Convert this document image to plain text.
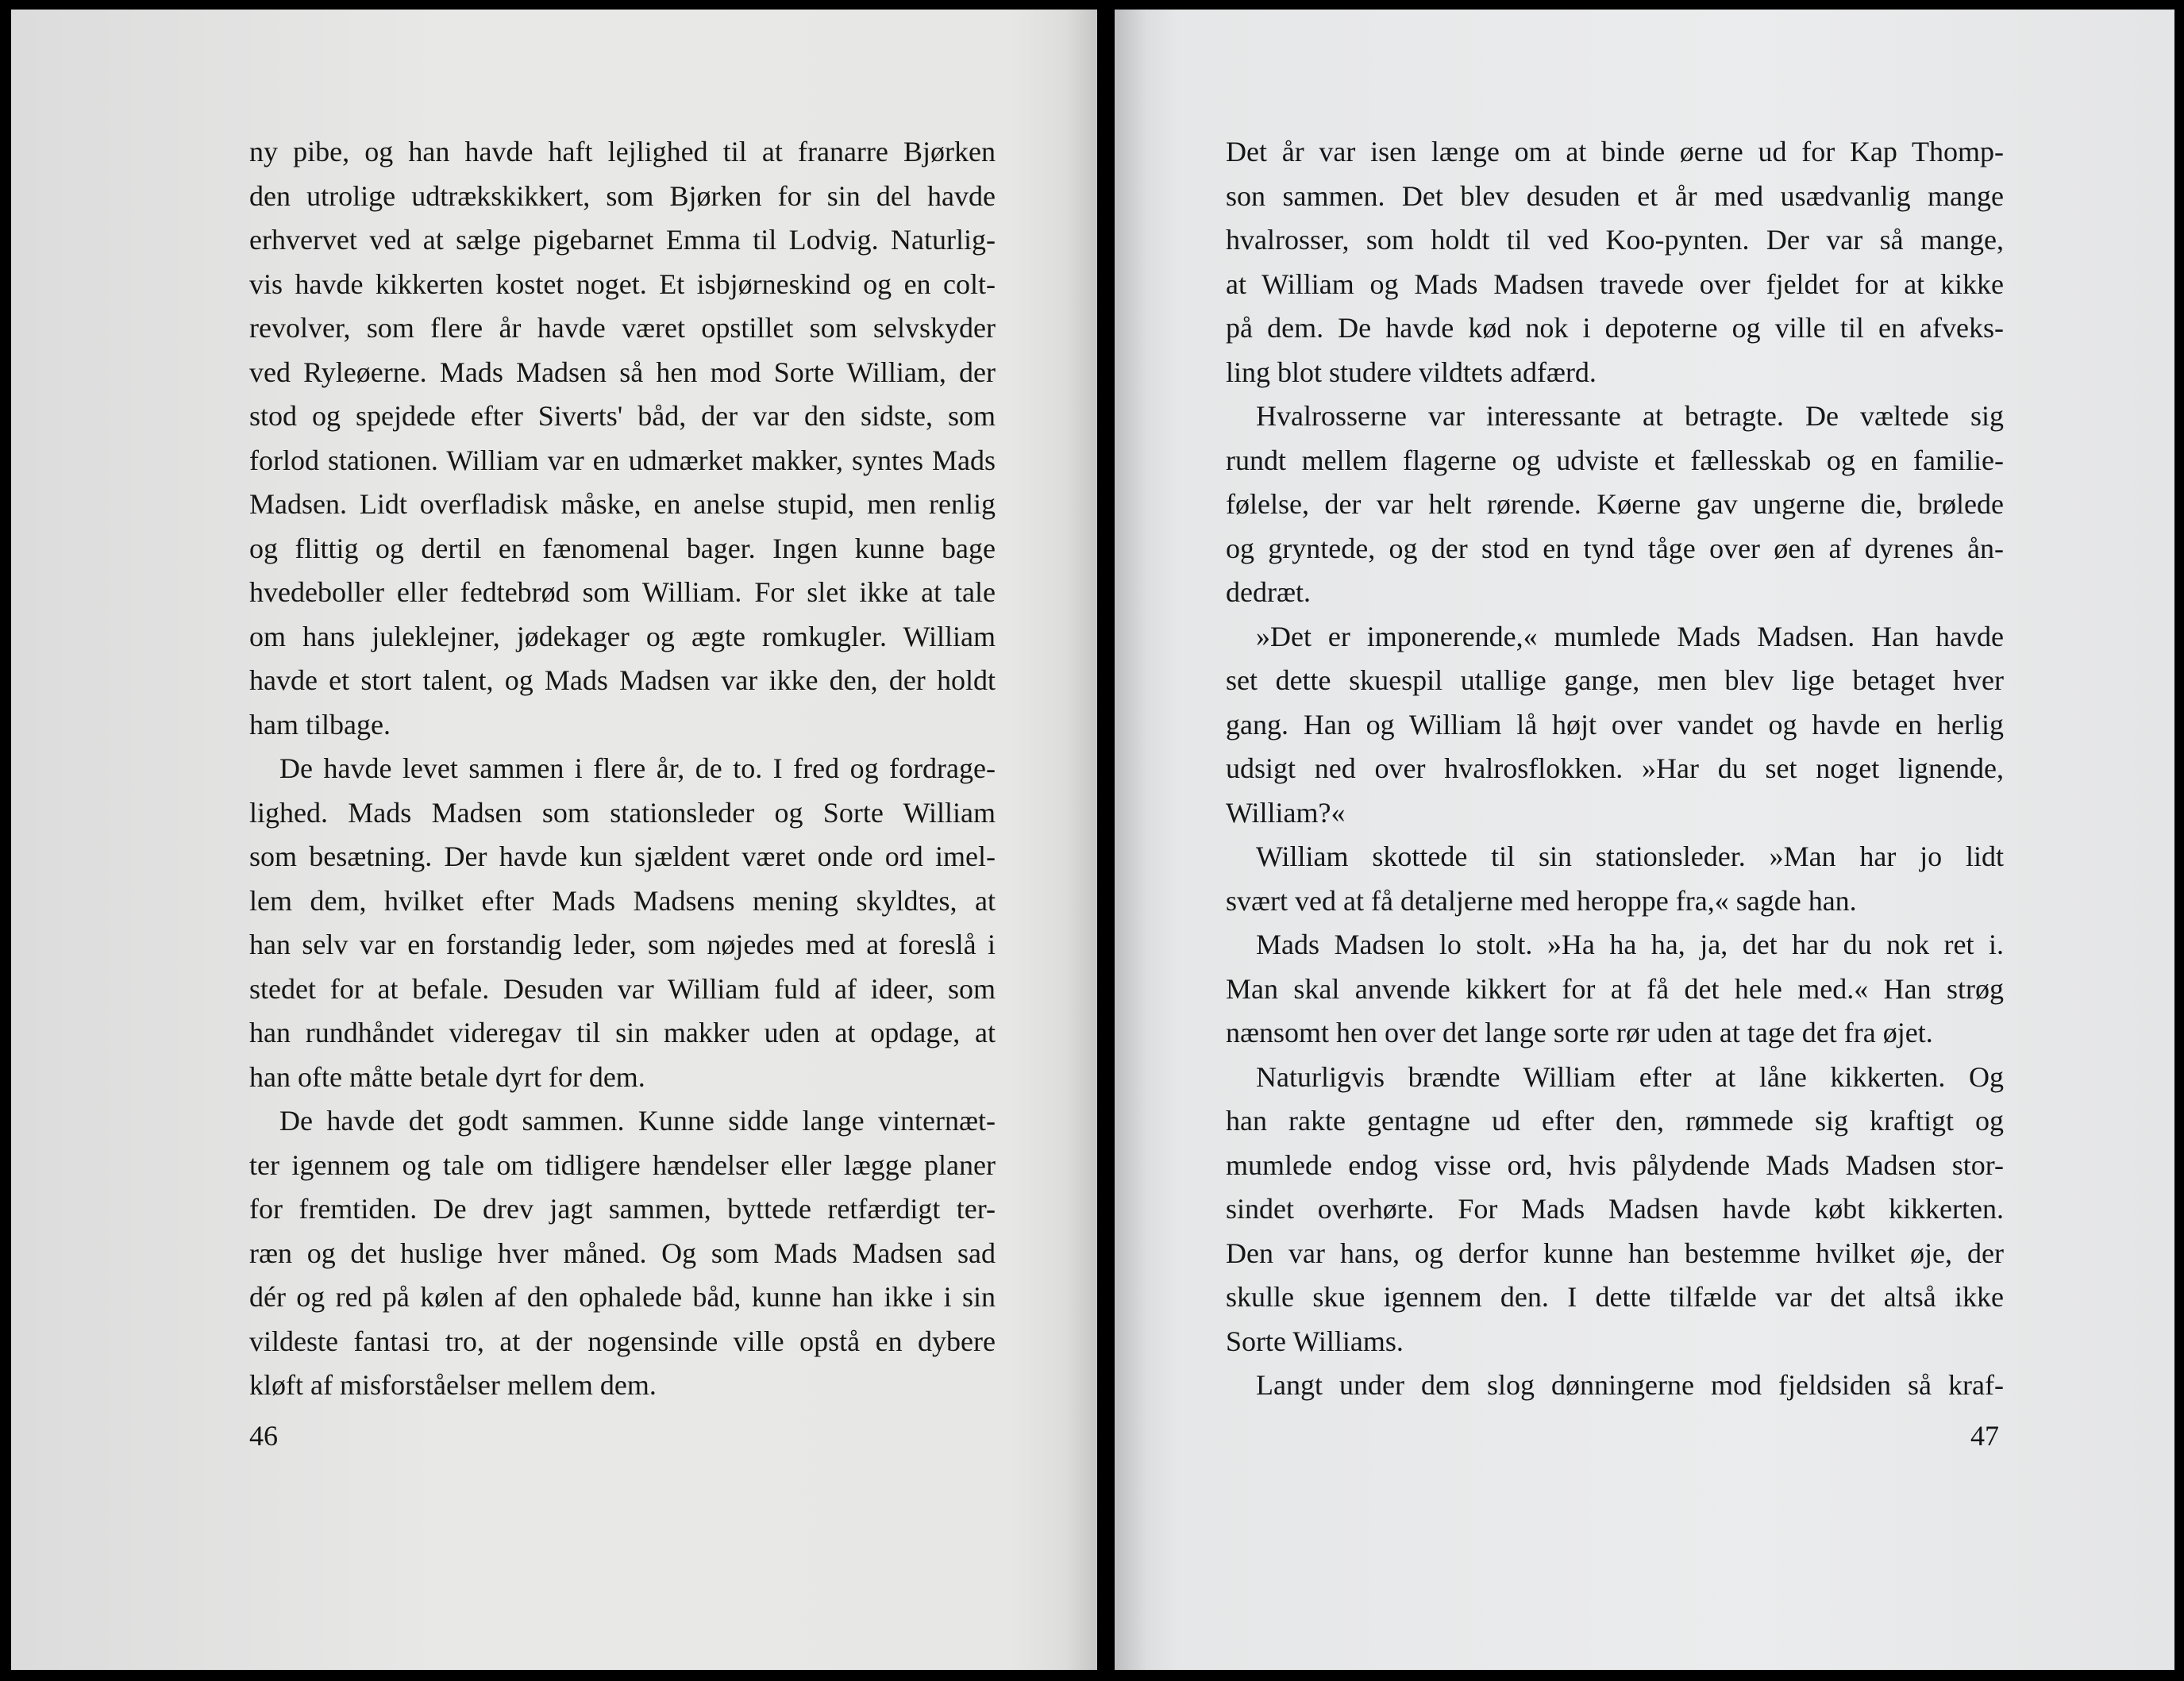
ny pibe, og han havde haft lejlighed til at franarre Bjørken
den utrolige udtrækskikkert, som Bjørken for sin del havde
erhvervet ved at sælge pigebarnet Emma til Lodvig. Naturlig-
vis havde kikkerten kostet noget. Et isbjørneskind og en colt-
revolver, som flere år havde været opstillet som selvskyder
ved Ryleøerne. Mads Madsen så hen mod Sorte William, der
stod og spejdede efter Siverts' båd, der var den sidste, som
forlod stationen. William var en udmærket makker, syntes Mads
Madsen. Lidt overfladisk måske, en anelse stupid, men renlig
og flittig og dertil en fænomenal bager. Ingen kunne bage
hvedeboller eller fedtebrød som William. For slet ikke at tale
om hans juleklejner, jødekager og ægte romkugler. William
havde et stort talent, og Mads Madsen var ikke den, der holdt
ham tilbage.
De havde levet sammen i flere år, de to. I fred og fordrage-
lighed. Mads Madsen som stationsleder og Sorte William
som besætning. Der havde kun sjældent været onde ord imel-
lem dem, hvilket efter Mads Madsens mening skyldtes, at
han selv var en forstandig leder, som nøjedes med at foreslå i
stedet for at befale. Desuden var William fuld af ideer, som
han rundhåndet videregav til sin makker uden at opdage, at
han ofte måtte betale dyrt for dem.
De havde det godt sammen. Kunne sidde lange vinternæt-
ter igennem og tale om tidligere hændelser eller lægge planer
for fremtiden. De drev jagt sammen, byttede retfærdigt ter-
ræn og det huslige hver måned. Og som Mads Madsen sad
dér og red på kølen af den ophalede båd, kunne han ikke i sin
vildeste fantasi tro, at der nogensinde ville opstå en dybere
kløft af misforståelser mellem dem.
46
Det år var isen længe om at binde øerne ud for Kap Thomp-
son sammen. Det blev desuden et år med usædvanlig mange
hvalrosser, som holdt til ved Koo-pynten. Der var så mange,
at William og Mads Madsen travede over fjeldet for at kikke
på dem. De havde kød nok i depoterne og ville til en afveks-
ling blot studere vildtets adfærd.
Hvalrosserne var interessante at betragte. De væltede sig
rundt mellem flagerne og udviste et fællesskab og en familie-
følelse, der var helt rørende. Køerne gav ungerne die, brølede
og gryntede, og der stod en tynd tåge over øen af dyrenes ån-
dedræt.
»Det er imponerende,« mumlede Mads Madsen. Han havde
set dette skuespil utallige gange, men blev lige betaget hver
gang. Han og William lå højt over vandet og havde en herlig
udsigt ned over hvalrosflokken. »Har du set noget lignende,
William?«
William skottede til sin stationsleder. »Man har jo lidt
svært ved at få detaljerne med heroppe fra,« sagde han.
Mads Madsen lo stolt. »Ha ha ha, ja, det har du nok ret i.
Man skal anvende kikkert for at få det hele med.« Han strøg
nænsomt hen over det lange sorte rør uden at tage det fra øjet.
Naturligvis brændte William efter at låne kikkerten. Og
han rakte gentagne ud efter den, rømmede sig kraftigt og
mumlede endog visse ord, hvis pålydende Mads Madsen stor-
sindet overhørte. For Mads Madsen havde købt kikkerten.
Den var hans, og derfor kunne han bestemme hvilket øje, der
skulle skue igennem den. I dette tilfælde var det altså ikke
Sorte Williams.
Langt under dem slog dønningerne mod fjeldsiden så kraf-
47
